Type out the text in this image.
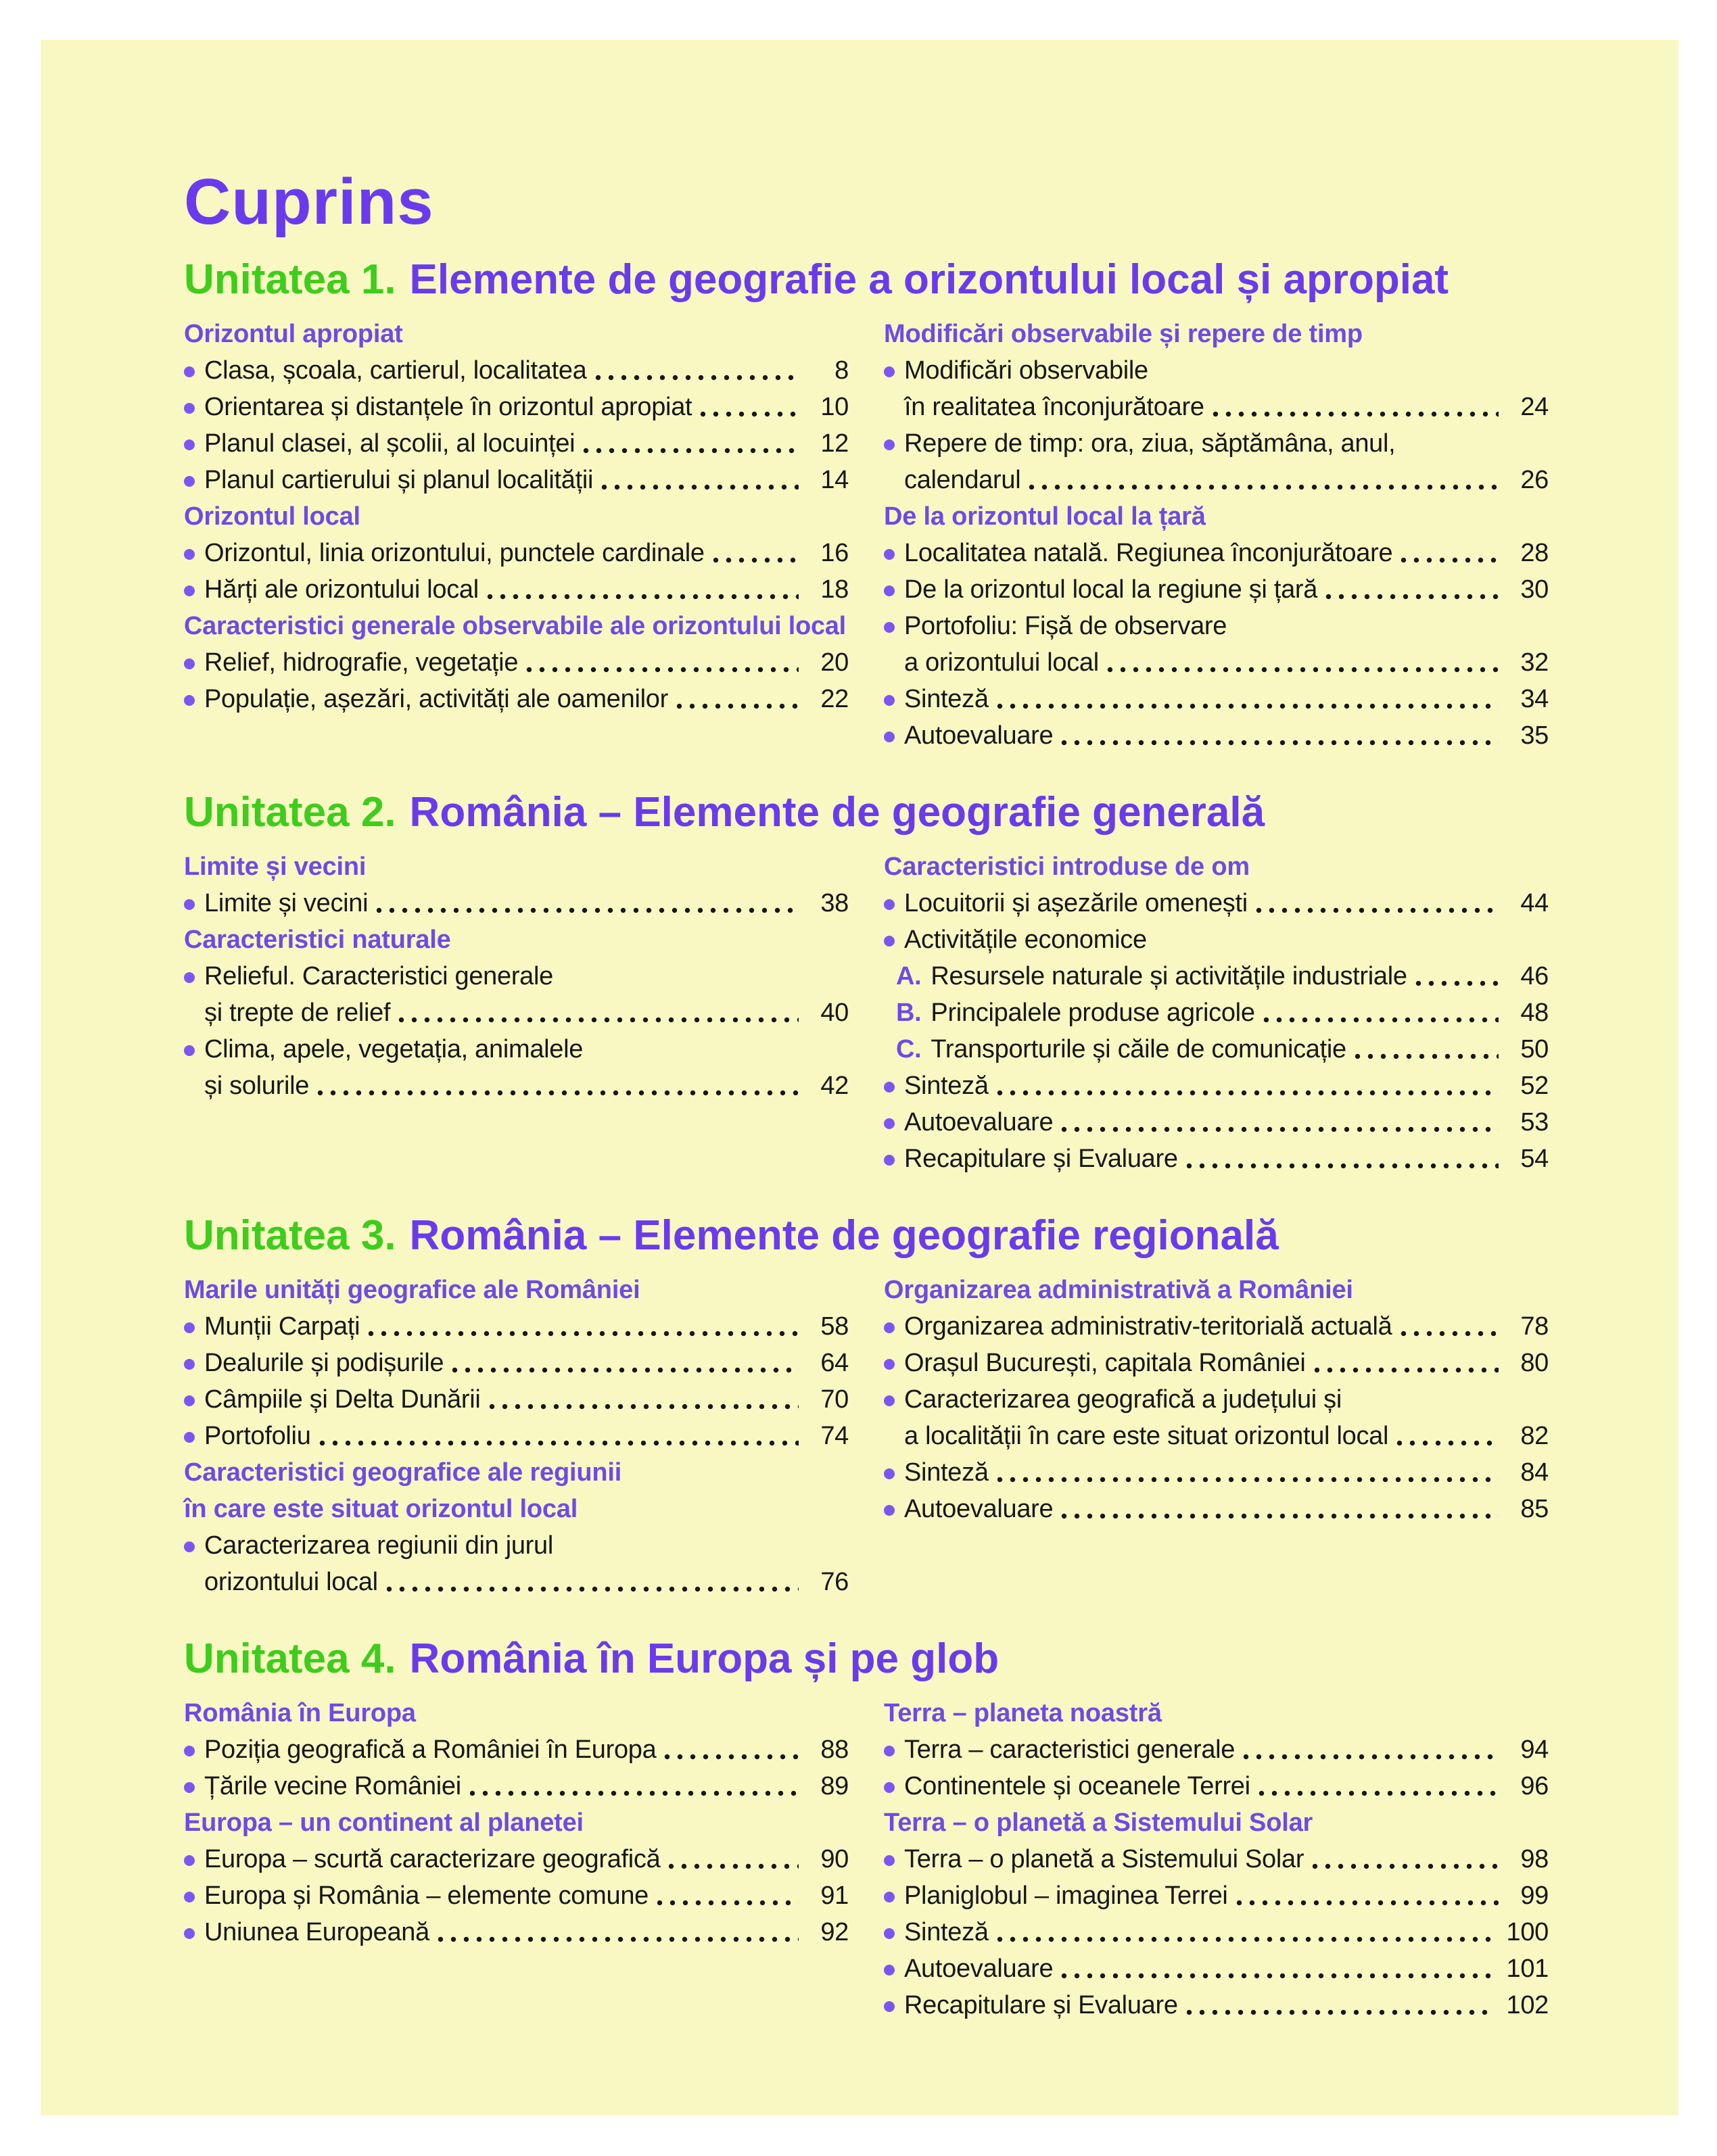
Cuprins
Unitatea 1. Elemente de geografie a orizontului local și apropiat
Orizontul apropiat
Clasa, școala, cartierul, localitatea	8
Orientarea și distanțele în orizontul apropiat	10
Planul clasei, al școlii, al locuinței	12
Planul cartierului și planul localității	14
Orizontul local
Orizontul, linia orizontului, punctele cardinale	16
Hărți ale orizontului local	18
Caracteristici generale observabile ale orizontului local
Relief, hidrografie, vegetație	20
Populație, așezări, activități ale oamenilor	22
Modificări observabile și repere de timp
Modificări observabile
în realitatea înconjurătoare	24
Repere de timp: ora, ziua, săptămâna, anul,
calendarul	26
De la orizontul local la țară
Localitatea natală. Regiunea înconjurătoare	28
De la orizontul local la regiune și țară	30
Portofoliu: Fișă de observare
a orizontului local	32
Sinteză	34
Autoevaluare	35
Unitatea 2. România – Elemente de geografie generală
Limite și vecini
Limite și vecini	38
Caracteristici naturale
Relieful. Caracteristici generale
și trepte de relief	40
Clima, apele, vegetația, animalele
și solurile	42
Caracteristici introduse de om
Locuitorii și așezările omenești	44
Activitățile economice
A. Resursele naturale și activitățile industriale	46
B. Principalele produse agricole	48
C. Transporturile și căile de comunicație	50
Sinteză	52
Autoevaluare	53
Recapitulare și Evaluare	54
Unitatea 3. România – Elemente de geografie regională
Marile unități geografice ale României
Munții Carpați	58
Dealurile și podișurile	64
Câmpiile și Delta Dunării	70
Portofoliu	74
Caracteristici geografice ale regiunii
în care este situat orizontul local
Caracterizarea regiunii din jurul
orizontului local	76
Organizarea administrativă a României
Organizarea administrativ-teritorială actuală	78
Orașul București, capitala României	80
Caracterizarea geografică a județului și
a localității în care este situat orizontul local	82
Sinteză	84
Autoevaluare	85
Unitatea 4. România în Europa și pe glob
România în Europa
Poziția geografică a României în Europa	88
Țările vecine României	89
Europa – un continent al planetei
Europa – scurtă caracterizare geografică	90
Europa și România – elemente comune	91
Uniunea Europeană	92
Terra – planeta noastră
Terra – caracteristici generale	94
Continentele și oceanele Terrei	96
Terra – o planetă a Sistemului Solar
Terra – o planetă a Sistemului Solar	98
Planiglobul – imaginea Terrei	99
Sinteză	100
Autoevaluare	101
Recapitulare și Evaluare	102
